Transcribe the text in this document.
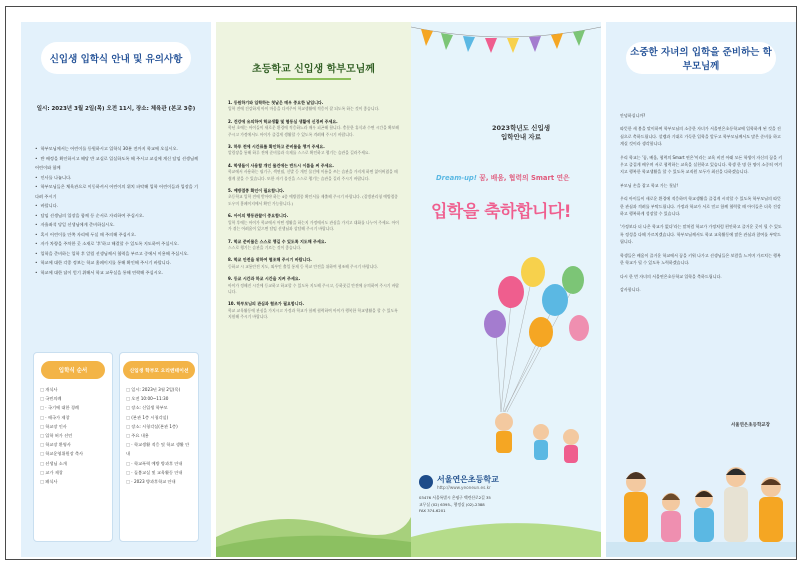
신입생 입학식 안내 및 유의사항
일시: 2023년 3월 2일(목) 오전 11시, 장소: 체육관 (본교 3층)
• 학부모님께서는 어린이를 등원하시고 입학식 30분 전까지 학교에 오십시오.
• 반 배정을 확인하시고 해당 반 교실로 입실하도록 해 주시고 교실에 계신 담임 선생님께 어린이와 함께
• 인사를 나눕니다.
• 학부모님들은 체육관으로 이동하셔서 어린이의 위치 파악해 입학 어린이들과 입장을 기다려 주시기
• 바랍니다.
• 담임 선생님의 입장을 함께 등 순서로 자리하여 주십시오.
• 자율좌석 당일 선생님에게 준비하십시오.
• 혹시 어린이를 안쪽 자리에 두실 때 주의해 주십시오.
• 자가 차량을 주차한 곳 소재로 '후'하고 해결할 수 있도록 지도하여 주십시오.
• 입학을 준비하는 입학 후 알림 선생님께서 협력을 부르고 중에서 이용해 주십시오.
• 학교에 대한 각종 정보는 학교 홈페이지를 통해 확인해 주시기 바랍니다.
• 학교에 대한 답이 얻기 위해서 학교 교무실을 통해 연락해 주십시오.
입학식 순서
□ 개식사
□ 국민의례
□ · 국기에 대한 경례
□ · 애국가 제창
□ 학교장 인사
□ 입학 허가 선언
□ 학교장 환영사
□ 학교운영위원장 축사
□ 선생님 소개
□ 교가 제창
□ 폐식사
신입생 학부모 오리엔테이션
□ 일시: 2023년 3월 2일(목)
□ 오전 10:00~11:30
□ 장소: 신입생 학부모
□ (본관 1층 시청각실)
□ 장소: 시청각실(본관 1층)
□ 주요 내용
□ · 학교생활 적응 및 학교 생활 안내
□ · 학교폭력 예방 방과후 안내
□ · 돌봄교실 및 교육활동 안내
□ · 2023 방과후학교 안내
초등학교 신입생 학부모님께
1. 등원하기와 입학하는 첫날은 매우 중요한 날입니다.
입학 전에 건강하게 아이 마음을 다져주어 학교생활에 적응이 잘 되도록 하는 것이 좋습니다.
2. 건강에 유의하여 학교생활 및 협동심 생활에 신경써 주세요.
학년 초에는 아이들이 새로운 환경에 적응하느라 매우 피곤해 합니다. 충분한 휴식과 수면 시간을 확보해 주시고 가정에서도 아이가 즐겁게 생활할 수 있도록 격려해 주시기 바랍니다.
3. 하루 전에 시간표를 확인하고 준비물을 챙겨 주세요.
알림장을 통해 하루 전에 준비물과 숙제를 스스로 확인하고 챙기는 습관을 길러주세요.
4. 학생들이 사용할 개인 물건에는 반드시 이름을 써 주세요.
학교에서 사용하는 필기구, 색연필, 신발 등 개인 물건에 이름을 쓰는 습관을 가지게 하면 잃어버렸을 때 쉽게 찾을 수 있습니다. 또한 자기 물건을 스스로 챙기는 습관을 길러 주시기 바랍니다.
5. 예방접종 확인이 필요합니다.
초등학교 입학 전에 받아야 하는 4종 예방접종 확인서를 제출해 주시기 바랍니다. (질병관리청 예방접종도우미 홈페이지에서 확인 가능합니다.)
6. 아이의 행동관찰이 중요합니다.
입학 후에는 아이가 학교에서 어떤 생활을 하는지 가정에서도 관심을 가지고 대화를 나누어 주세요. 아이가 겪는 어려움이 있으면 담임 선생님과 상담해 주시기 바랍니다.
7. 학교 준비물은 스스로 챙길 수 있도록 지도해 주세요.
스스로 챙기는 습관을 기르는 것이 좋습니다.
8. 학교 안전을 위하여 협조해 주시기 바랍니다.
등하교 시 교통안전 지도, 외부인 출입 통제 등 학교 안전을 위하여 협조해 주시기 바랍니다.
9. 등교 시간과 하교 시간을 지켜 주세요.
아이가 정해진 시간에 등교하고 하교할 수 있도록 지도해 주시고, 등하굣길 안전에 유의하여 주시기 바랍니다.
10. 학부모님의 관심과 협조가 필요합니다.
학교 교육활동에 관심을 가지시고 가정과 학교가 함께 협력하여 아이가 행복한 학교생활을 할 수 있도록 지원해 주시기 바랍니다.
2023학년도 신입생
입학안내 자료
Dream-up! 꿈, 배움, 협력의 Smart 연은
입학을 축하합니다!
서울연은초등학교
http://www.yeoneun.es.kr
03476 서울특별시 은평구 백련산로2길 35
교무실 (02) 6395-, 행정실 (02)-2388
FAX 374-6201
소중한 자녀의 입학을 준비하는 학부모님께

안녕하십니까?

따뜻한 새 봄을 맞이하여 학부모님의 소중한 자녀가 서울연은초등학교에 입학하게 된 것을 진심으로 축하드립니다. 설렘과 기대로 가득한 입학을 앞두고 학부모님께서도 많은 준비를 하고 계실 것이라 생각합니다.

우리 학교는 '꿈, 배움, 협력의 Smart 연은'이라는 교육 비전 아래 모든 학생이 자신의 꿈을 키우고 즐겁게 배우며 서로 협력하는 교육을 실천하고 있습니다. 학생 한 명 한 명이 소중히 여겨지고 행복한 학교생활을 할 수 있도록 교직원 모두가 최선을 다하겠습니다.

부모님 손을 잡고 학교 가는 첫날!

우리 아이들이 새로운 환경에 적응하며 학교생활을 즐겁게 시작할 수 있도록 학부모님의 따뜻한 관심과 격려를 부탁드립니다. 가정과 학교가 서로 믿고 함께 협력할 때 아이들은 더욱 건강하고 행복하게 성장할 수 있습니다.

'가정보다 더 나은 학교가 없다'라는 말처럼 학교가 가정처럼 편안하고 즐거운 곳이 될 수 있도록 정성을 다해 가르치겠습니다. 학부모님께서도 학교 교육활동에 많은 관심과 참여를 부탁드립니다.

학생들은 배움이 즐거운 학교에서 꿈을 키워 나가고 선생님들은 보람을 느끼며 가르치는 행복한 학교가 될 수 있도록 노력하겠습니다.

다시 한 번 자녀의 서울연은초등학교 입학을 축하드립니다.

감사합니다.

서울연은초등학교장
